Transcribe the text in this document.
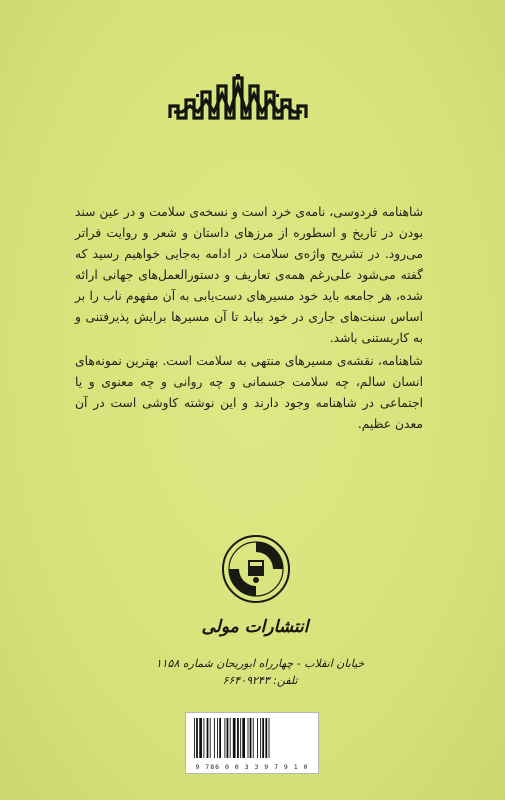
شاهنامه فردوسی، نامه‌ی خرد است و نسخه‌ی سلامت و در عین سند بودن در تاریخ و اسطوره از مرزهای داستان و شعر و روایت فراتر می‌رود. در تشریح واژه‌ی سلامت در ادامه به‌جایی خواهیم رسید که گفته می‌شود علی‌رغم همه‌ی تعاریف و دستورالعمل‌های جهانی ارائه شده، هر جامعه باید خود مسیرهای دست‌یابی به آن مفهوم ناب را بر اساس سنت‌های جاری در خود بیابد تا آن مسیرها برایش پذیرفتنی و به کاربستنی باشد.

شاهنامه، نقشه‌ی مسیرهای منتهی به سلامت است. بهترین نمونه‌های انسان سالم، چه سلامت جسمانی و چه روانی و چه معنوی و یا اجتماعی در شاهنامه وجود دارند و این نوشته کاوشی است در آن معدن عظیم.

انتشارات مولی
خیابان انقلاب - چهارراه ابوریحان شماره ۱۱۵۸
تلفن: ۶۶۴۰۹۲۴۳
9 786 0 0 3 3 9 7 9 1 0
